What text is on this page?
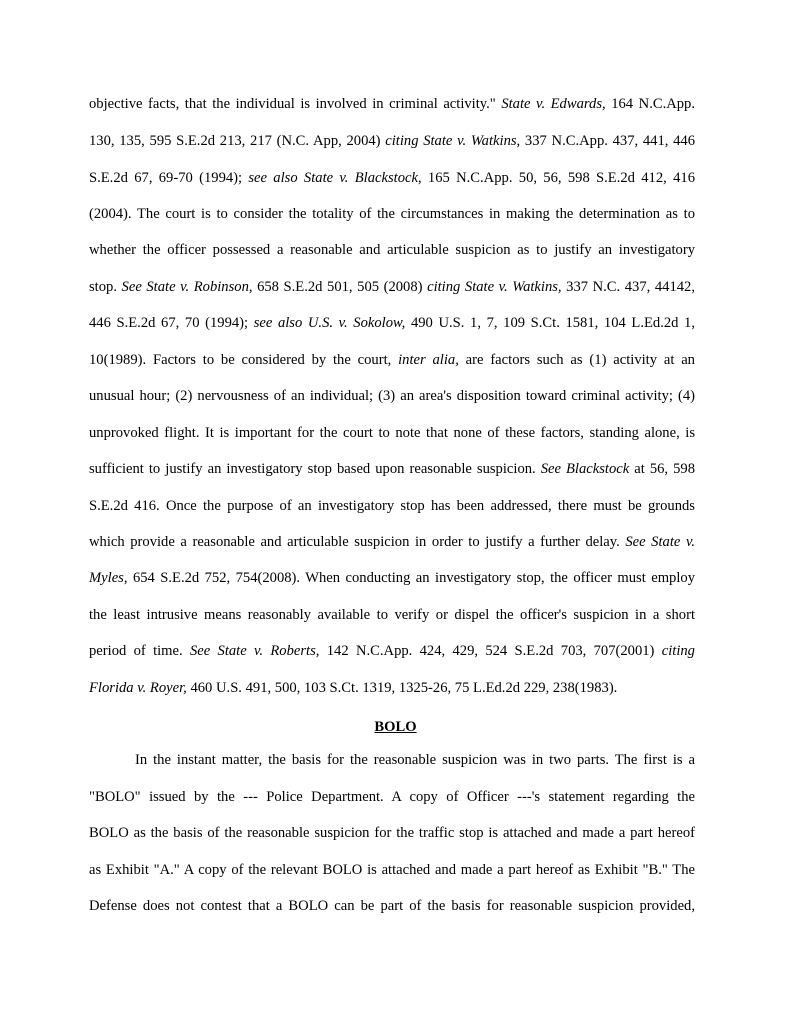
objective facts, that the individual is involved in criminal activity." State v. Edwards, 164 N.C.App.
130, 135, 595 S.E.2d 213, 217 (N.C. App, 2004) citing State v. Watkins, 337 N.C.App. 437, 441, 446
S.E.2d 67, 69-70 (1994); see also State v. Blackstock, 165 N.C.App. 50, 56, 598 S.E.2d 412, 416
(2004). The court is to consider the totality of the circumstances in making the determination as to
whether the officer possessed a reasonable and articulable suspicion as to justify an investigatory
stop. See State v. Robinson, 658 S.E.2d 501, 505 (2008) citing State v. Watkins, 337 N.C. 437, 44142,
446 S.E.2d 67, 70 (1994); see also U.S. v. Sokolow, 490 U.S. 1, 7, 109 S.Ct. 1581, 104 L.Ed.2d 1,
10(1989). Factors to be considered by the court, inter alia, are factors such as (1) activity at an
unusual hour; (2) nervousness of an individual; (3) an area's disposition toward criminal activity; (4)
unprovoked flight. It is important for the court to note that none of these factors, standing alone, is
sufficient to justify an investigatory stop based upon reasonable suspicion. See Blackstock at 56, 598
S.E.2d 416. Once the purpose of an investigatory stop has been addressed, there must be grounds
which provide a reasonable and articulable suspicion in order to justify a further delay. See State v.
Myles, 654 S.E.2d 752, 754(2008). When conducting an investigatory stop, the officer must employ
the least intrusive means reasonably available to verify or dispel the officer's suspicion in a short
period of time. See State v. Roberts, 142 N.C.App. 424, 429, 524 S.E.2d 703, 707(2001) citing
Florida v. Royer, 460 U.S. 491, 500, 103 S.Ct. 1319, 1325-26, 75 L.Ed.2d 229, 238(1983).
BOLO
In the instant matter, the basis for the reasonable suspicion was in two parts. The first is a
"BOLO" issued by the --- Police Department. A copy of Officer ---'s statement regarding the
BOLO as the basis of the reasonable suspicion for the traffic stop is attached and made a part hereof
as Exhibit "A." A copy of the relevant BOLO is attached and made a part hereof as Exhibit "B." The
Defense does not contest that a BOLO can be part of the basis for reasonable suspicion provided,
